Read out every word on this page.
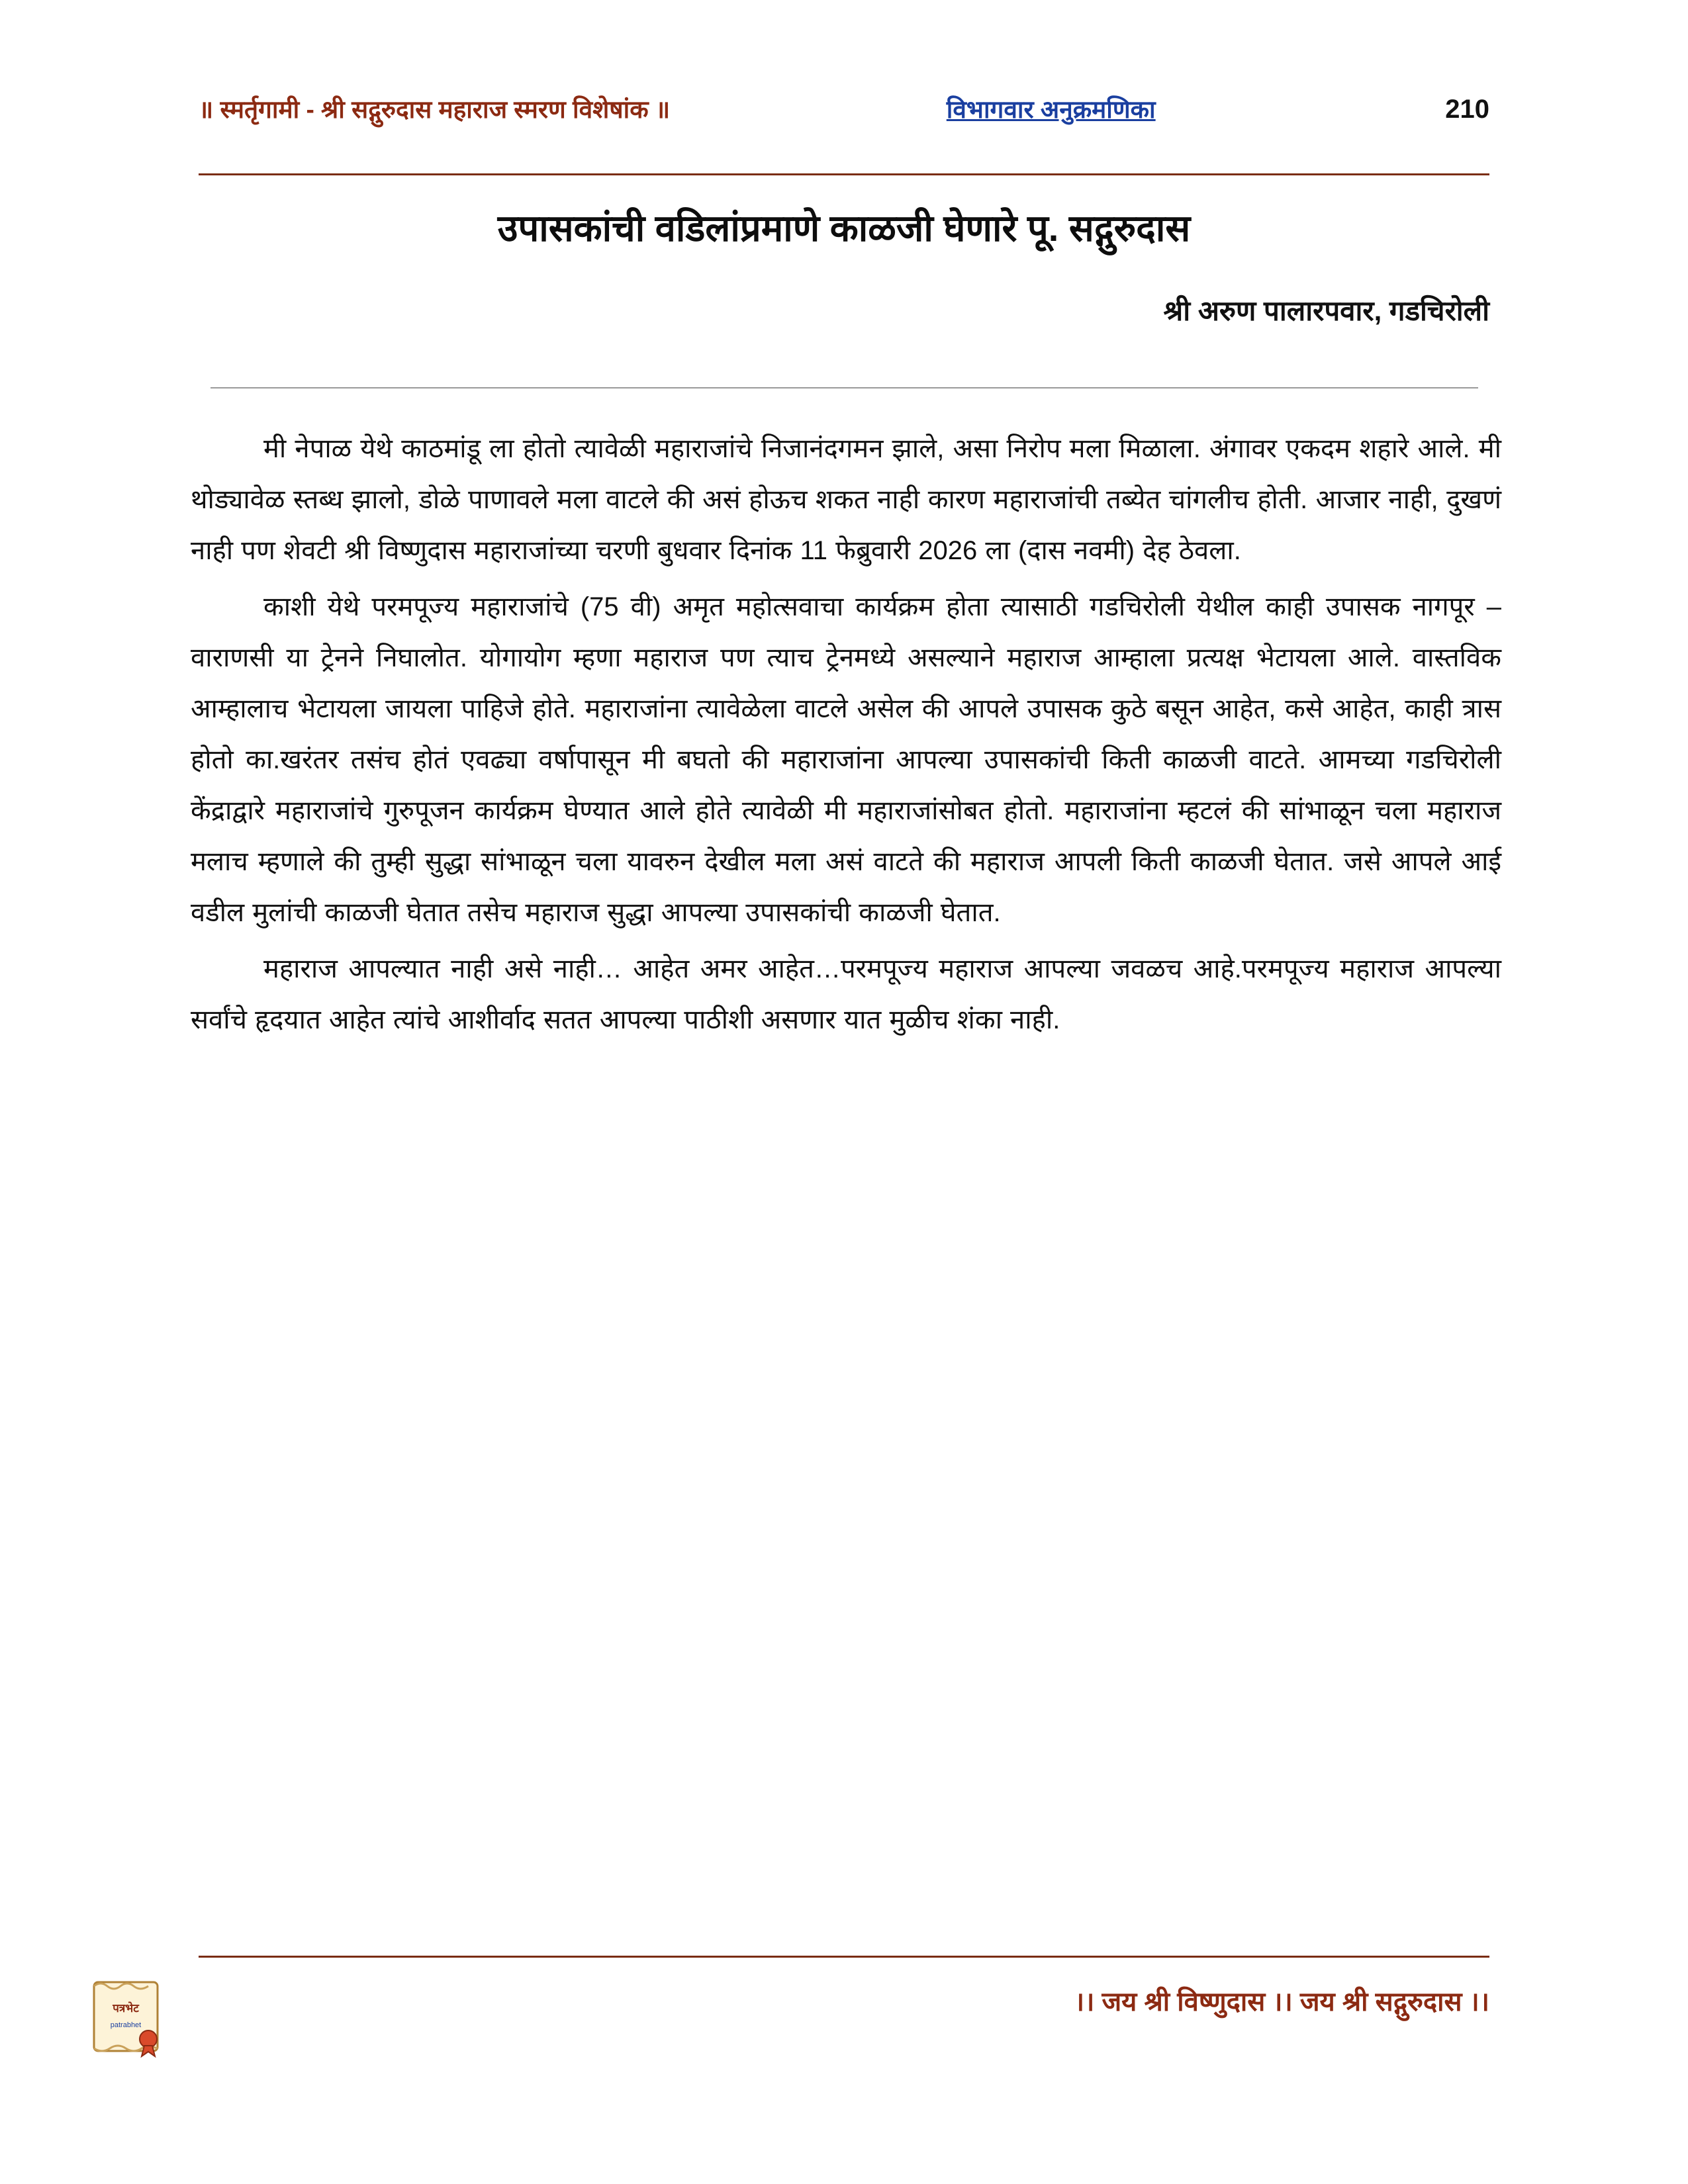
॥ स्मर्तृगामी - श्री सद्गुरुदास महाराज स्मरण विशेषांक ॥	विभागवार अनुक्रमणिका	210
उपासकांची वडिलांप्रमाणे काळजी घेणारे पू. सद्गुरुदास
श्री अरुण पालारपवार, गडचिरोली

मी नेपाळ येथे काठमांडू ला होतो त्यावेळी महाराजांचे निजानंदगमन झाले, असा निरोप मला मिळाला. अंगावर एकदम शहारे आले. मी थोड्यावेळ स्तब्ध झालो, डोळे पाणावले मला वाटले की असं होऊच शकत नाही कारण महाराजांची तब्येत चांगलीच होती. आजार नाही, दुखणं नाही पण शेवटी श्री विष्णुदास महाराजांच्या चरणी बुधवार दिनांक 11 फेब्रुवारी 2026 ला (दास नवमी) देह ठेवला.

काशी येथे परमपूज्य महाराजांचे (75 वी) अमृत महोत्सवाचा कार्यक्रम होता त्यासाठी गडचिरोली येथील काही उपासक नागपूर –वाराणसी या ट्रेनने निघालोत. योगायोग म्हणा महाराज पण त्याच ट्रेनमध्ये असल्याने महाराज आम्हाला प्रत्यक्ष भेटायला आले. वास्तविक आम्हालाच भेटायला जायला पाहिजे होते. महाराजांना त्यावेळेला वाटले असेल की आपले उपासक कुठे बसून आहेत, कसे आहेत, काही त्रास होतो का.खरंतर तसंच होतं एवढ्या वर्षापासून मी बघतो की महाराजांना आपल्या उपासकांची किती काळजी वाटते. आमच्या गडचिरोली केंद्राद्वारे महाराजांचे गुरुपूजन कार्यक्रम घेण्यात आले होते त्यावेळी मी महाराजांसोबत होतो. महाराजांना म्हटलं की सांभाळून चला महाराज मलाच म्हणाले की तुम्ही सुद्धा सांभाळून चला यावरुन देखील मला असं वाटते की महाराज आपली किती काळजी घेतात. जसे आपले आई वडील मुलांची काळजी घेतात तसेच महाराज सुद्धा आपल्या उपासकांची काळजी घेतात.

महाराज आपल्यात नाही असे नाही… आहेत अमर आहेत…परमपूज्य महाराज आपल्या जवळच आहे.परमपूज्य महाराज आपल्या सर्वांचे हृदयात आहेत त्यांचे आशीर्वाद सतत आपल्या पाठीशी असणार यात मुळीच शंका नाही.

।। जय श्री विष्णुदास ।। जय श्री सद्गुरुदास ।।
पत्रभेट
patrabhet
